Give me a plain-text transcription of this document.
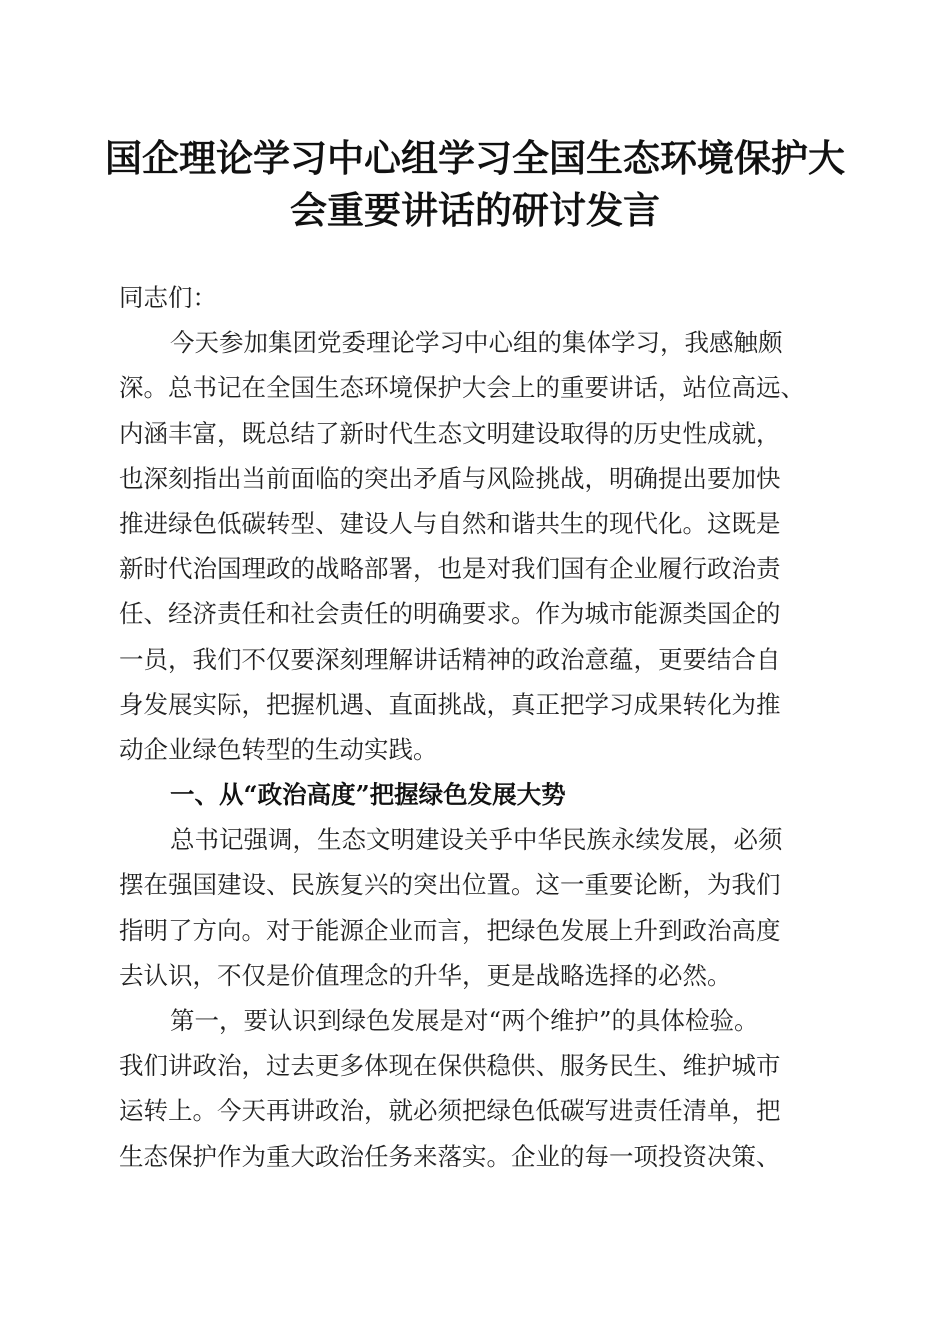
国企理论学习中心组学习全国生态环境保护大
会重要讲话的研讨发言
同志们：
今天参加集团党委理论学习中心组的集体学习，我感触颇
深。总书记在全国生态环境保护大会上的重要讲话，站位高远、
内涵丰富，既总结了新时代生态文明建设取得的历史性成就，
也深刻指出当前面临的突出矛盾与风险挑战，明确提出要加快
推进绿色低碳转型、建设人与自然和谐共生的现代化。这既是
新时代治国理政的战略部署，也是对我们国有企业履行政治责
任、经济责任和社会责任的明确要求。作为城市能源类国企的
一员，我们不仅要深刻理解讲话精神的政治意蕴，更要结合自
身发展实际，把握机遇、直面挑战，真正把学习成果转化为推
动企业绿色转型的生动实践。
一、从“政治高度”把握绿色发展大势
总书记强调，生态文明建设关乎中华民族永续发展，必须
摆在强国建设、民族复兴的突出位置。这一重要论断，为我们
指明了方向。对于能源企业而言，把绿色发展上升到政治高度
去认识，不仅是价值理念的升华，更是战略选择的必然。
第一，要认识到绿色发展是对“两个维护”的具体检验。
我们讲政治，过去更多体现在保供稳供、服务民生、维护城市
运转上。今天再讲政治，就必须把绿色低碳写进责任清单，把
生态保护作为重大政治任务来落实。企业的每一项投资决策、
